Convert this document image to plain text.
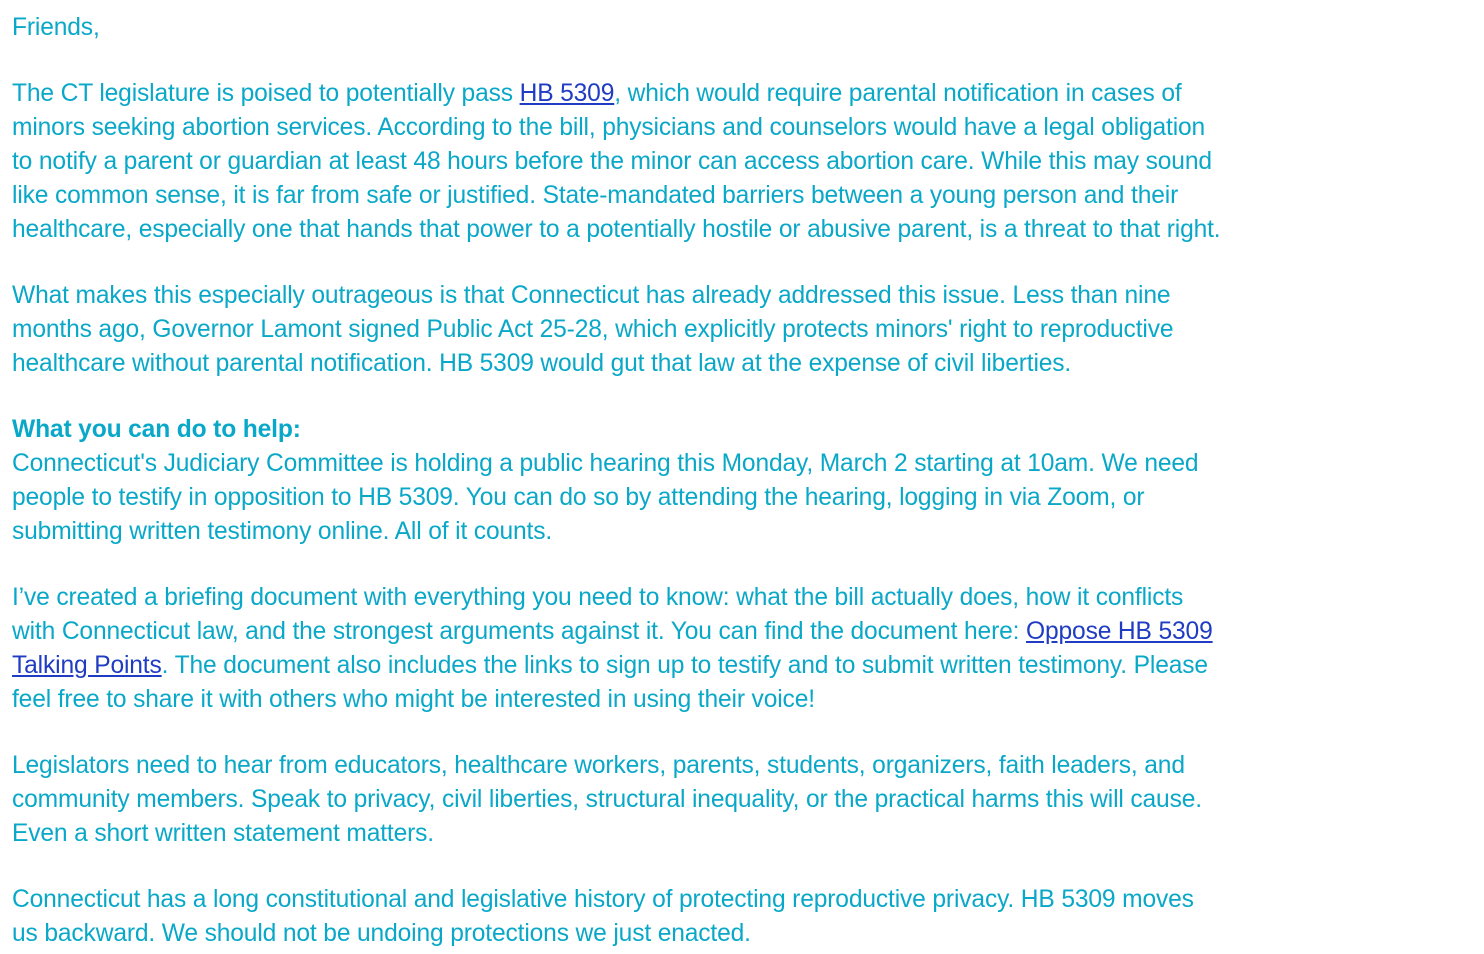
Friends,
The CT legislature is poised to potentially pass HB 5309, which would require parental notification in cases of
minors seeking abortion services. According to the bill, physicians and counselors would have a legal obligation
to notify a parent or guardian at least 48 hours before the minor can access abortion care. While this may sound
like common sense, it is far from safe or justified. State-mandated barriers between a young person and their
healthcare, especially one that hands that power to a potentially hostile or abusive parent, is a threat to that right.
What makes this especially outrageous is that Connecticut has already addressed this issue. Less than nine
months ago, Governor Lamont signed Public Act 25-28, which explicitly protects minors' right to reproductive
healthcare without parental notification. HB 5309 would gut that law at the expense of civil liberties.
What you can do to help:
Connecticut's Judiciary Committee is holding a public hearing this Monday, March 2 starting at 10am. We need
people to testify in opposition to HB 5309. You can do so by attending the hearing, logging in via Zoom, or
submitting written testimony online. All of it counts.
I’ve created a briefing document with everything you need to know: what the bill actually does, how it conflicts
with Connecticut law, and the strongest arguments against it. You can find the document here: Oppose HB 5309
Talking Points. The document also includes the links to sign up to testify and to submit written testimony. Please
feel free to share it with others who might be interested in using their voice!
Legislators need to hear from educators, healthcare workers, parents, students, organizers, faith leaders, and
community members. Speak to privacy, civil liberties, structural inequality, or the practical harms this will cause.
Even a short written statement matters.
Connecticut has a long constitutional and legislative history of protecting reproductive privacy. HB 5309 moves
us backward. We should not be undoing protections we just enacted.
